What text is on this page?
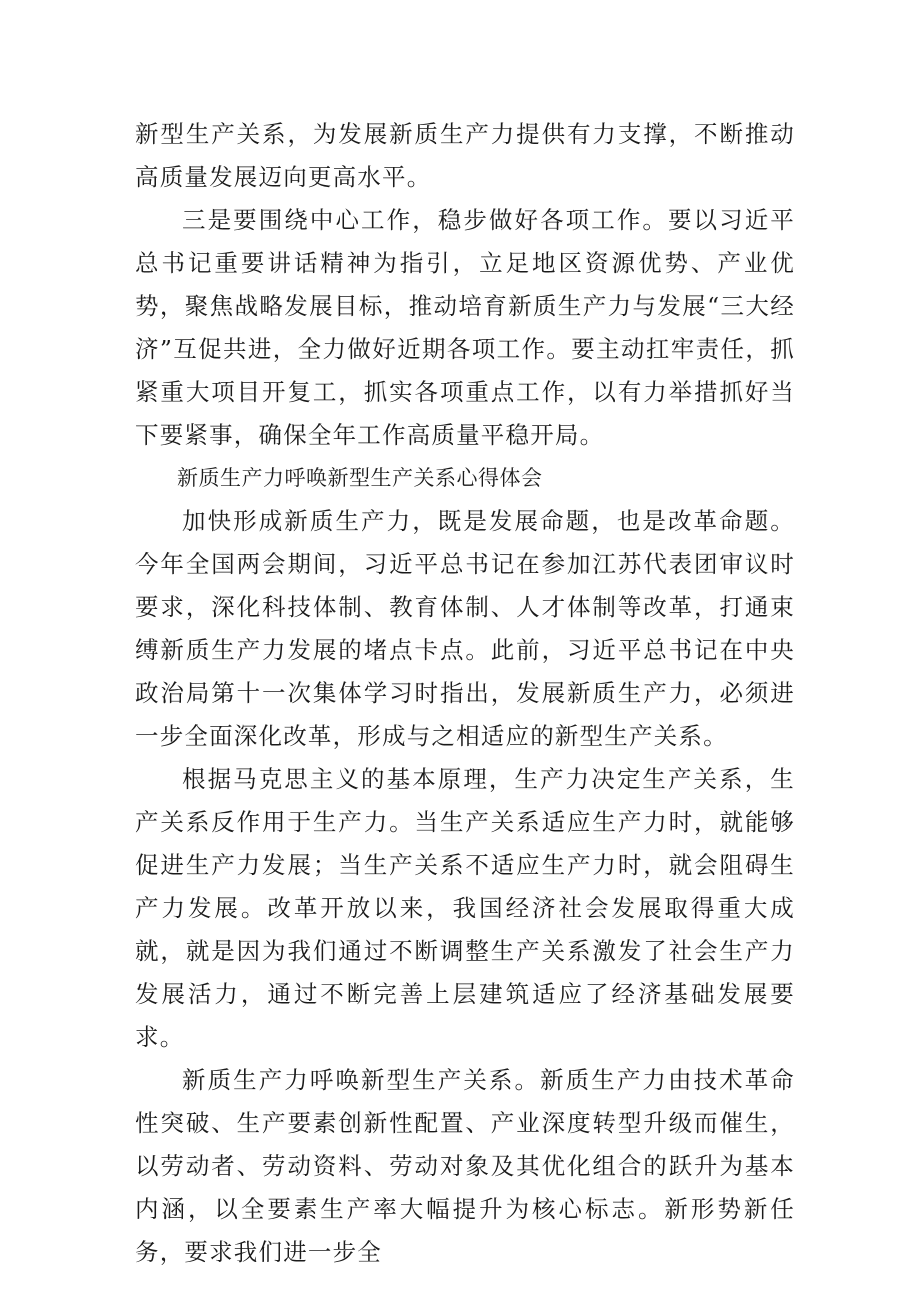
新型生产关系，为发展新质生产力提供有力支撑，不断推动高质量发展迈向更高水平。

三是要围绕中心工作，稳步做好各项工作。要以习近平总书记重要讲话精神为指引，立足地区资源优势、产业优势，聚焦战略发展目标，推动培育新质生产力与发展“三大经济”互促共进，全力做好近期各项工作。要主动扛牢责任，抓紧重大项目开复工，抓实各项重点工作，以有力举措抓好当下要紧事，确保全年工作高质量平稳开局。

新质生产力呼唤新型生产关系心得体会

加快形成新质生产力，既是发展命题，也是改革命题。今年全国两会期间，习近平总书记在参加江苏代表团审议时要求，深化科技体制、教育体制、人才体制等改革，打通束缚新质生产力发展的堵点卡点。此前，习近平总书记在中央政治局第十一次集体学习时指出，发展新质生产力，必须进一步全面深化改革，形成与之相适应的新型生产关系。

根据马克思主义的基本原理，生产力决定生产关系，生产关系反作用于生产力。当生产关系适应生产力时，就能够促进生产力发展；当生产关系不适应生产力时，就会阻碍生产力发展。改革开放以来，我国经济社会发展取得重大成就，就是因为我们通过不断调整生产关系激发了社会生产力发展活力，通过不断完善上层建筑适应了经济基础发展要求。

新质生产力呼唤新型生产关系。新质生产力由技术革命性突破、生产要素创新性配置、产业深度转型升级而催生，以劳动者、劳动资料、劳动对象及其优化组合的跃升为基本内涵，以全要素生产率大幅提升为核心标志。新形势新任务，要求我们进一步全
